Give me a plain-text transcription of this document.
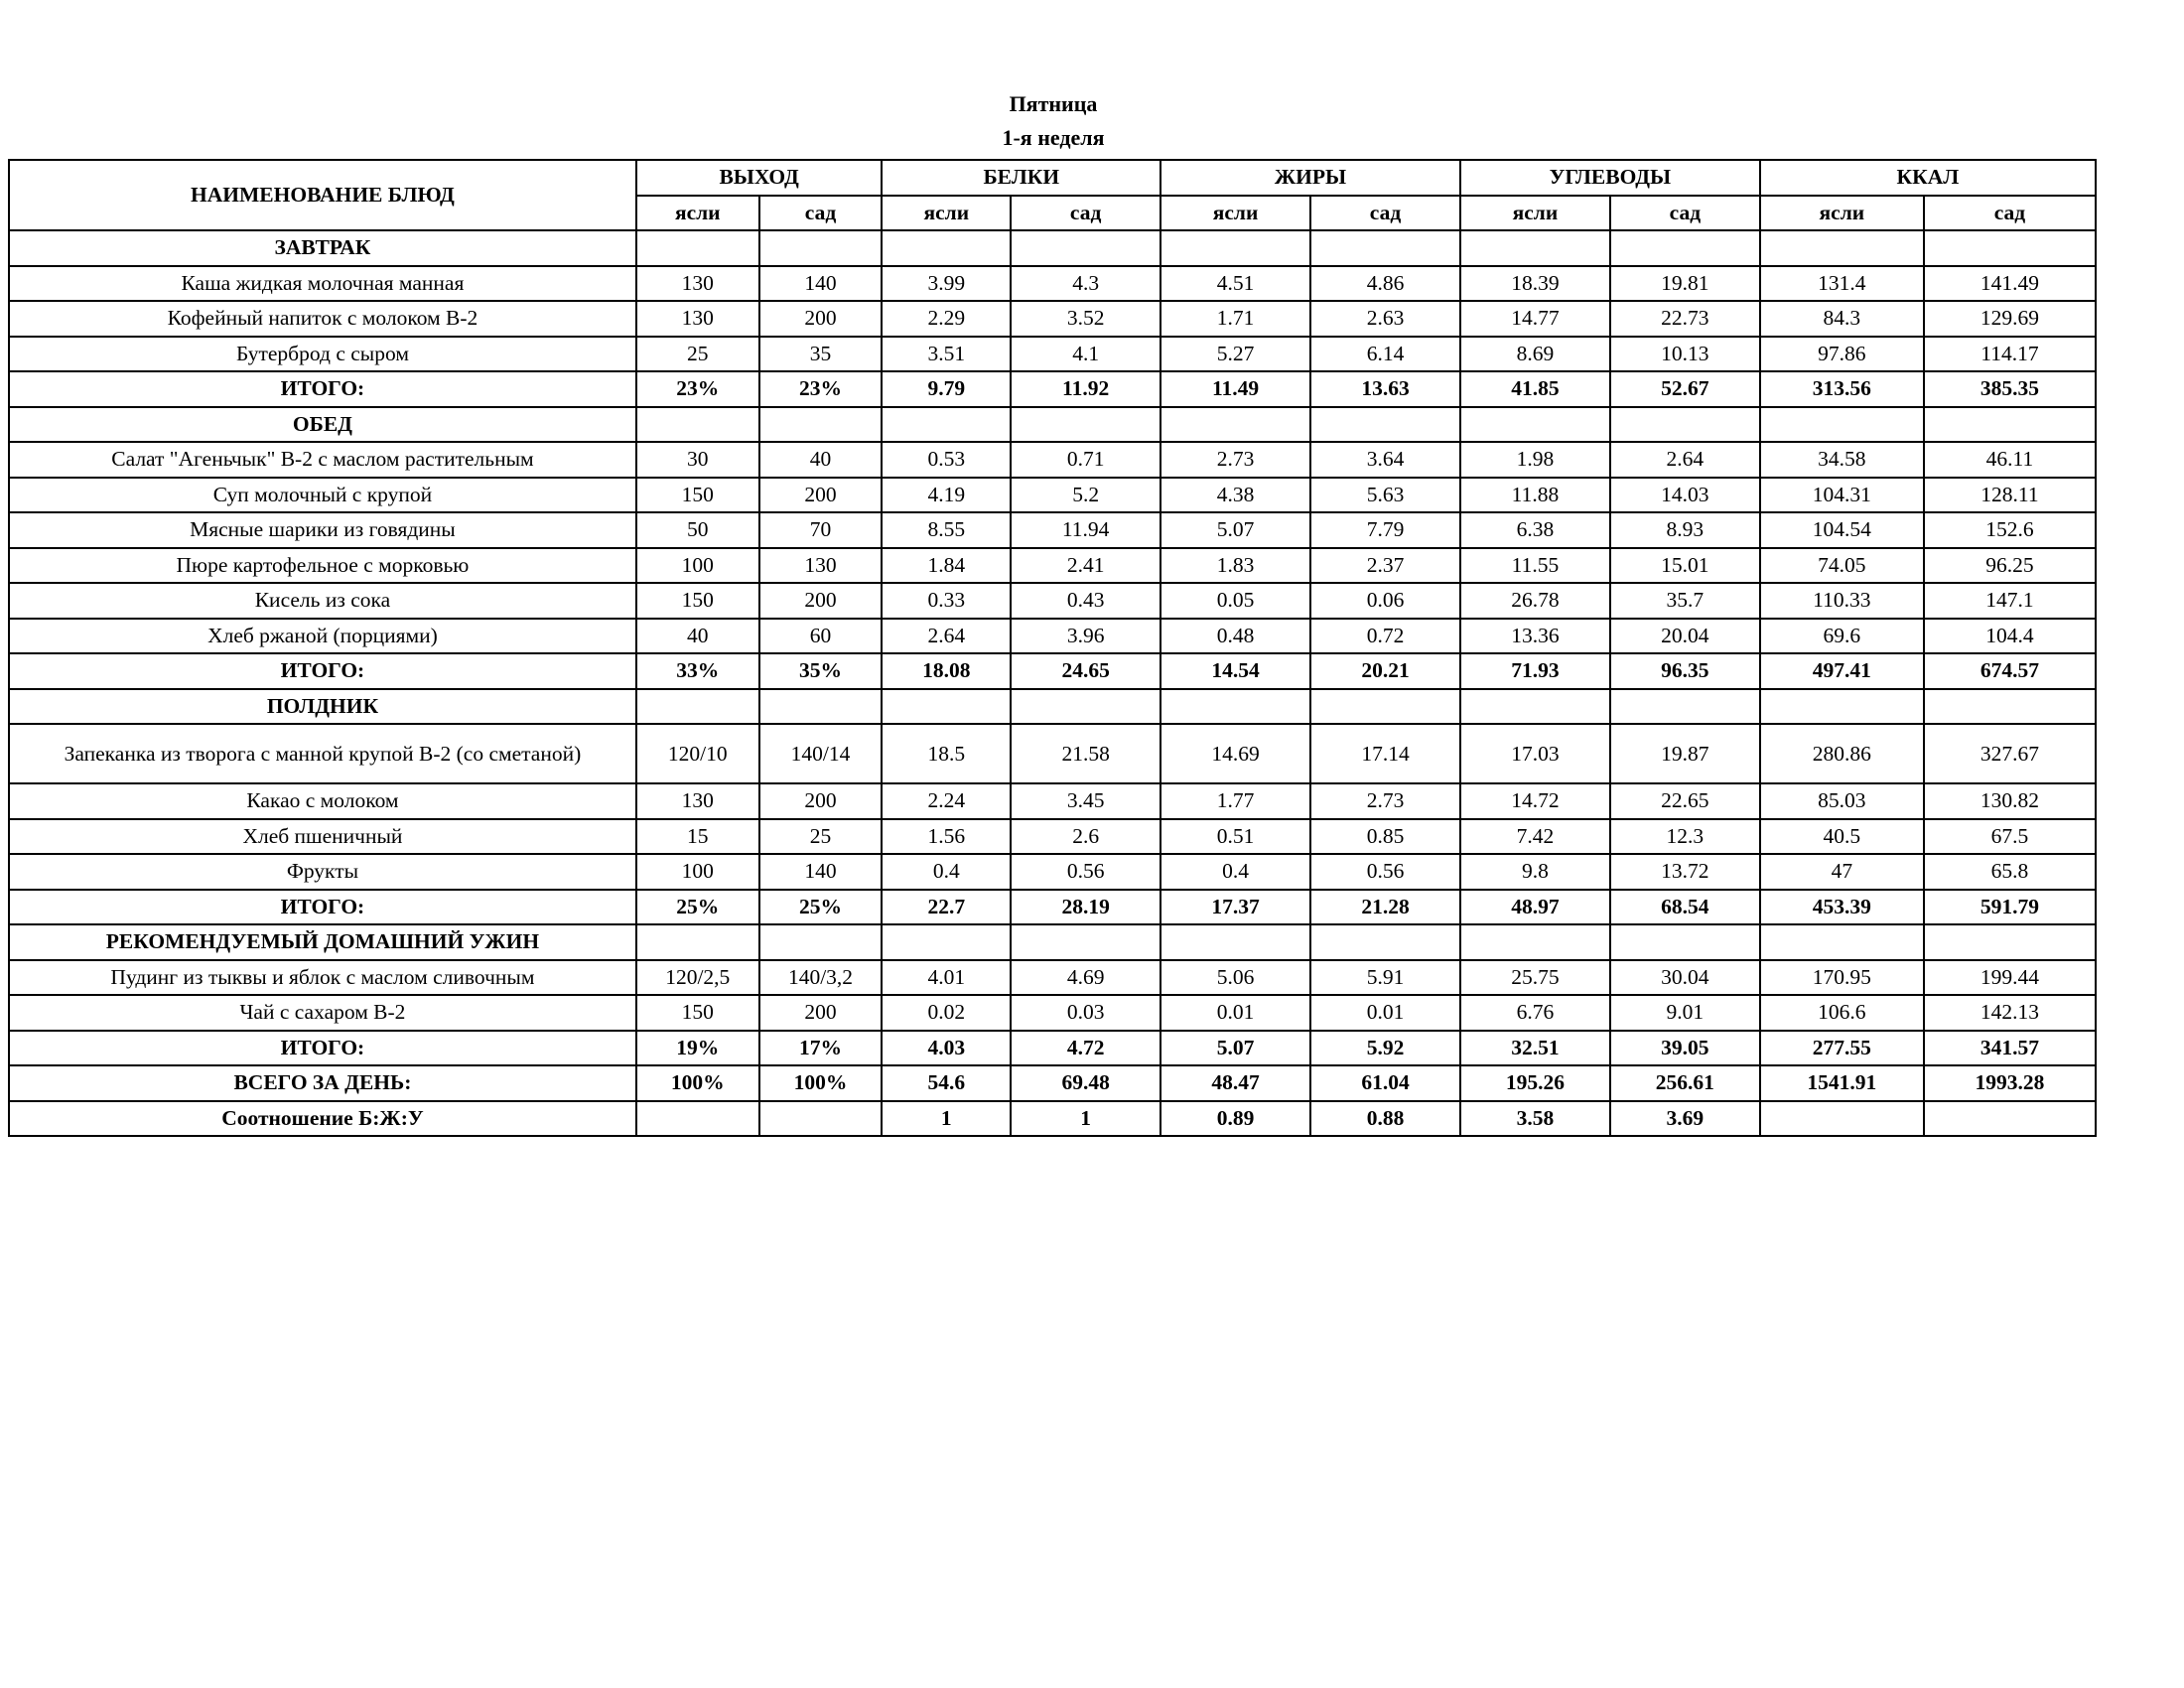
Пятница
1-я неделя
НАИМЕНОВАНИЕ БЛЮД	ВЫХОД		БЕЛКИ		ЖИРЫ		УГЛЕВОДЫ		ККАЛ	
	ясли	сад	ясли	сад	ясли	сад	ясли	сад	ясли	сад
ЗАВТРАК										
Каша жидкая молочная манная	130	140	3.99	4.3	4.51	4.86	18.39	19.81	131.4	141.49
Кофейный напиток с молоком В-2	130	200	2.29	3.52	1.71	2.63	14.77	22.73	84.3	129.69
Бутерброд с сыром	25	35	3.51	4.1	5.27	6.14	8.69	10.13	97.86	114.17
ИТОГО:	23%	23%	9.79	11.92	11.49	13.63	41.85	52.67	313.56	385.35
ОБЕД										
Салат "Агеньчык" В-2 с маслом растительным	30	40	0.53	0.71	2.73	3.64	1.98	2.64	34.58	46.11
Суп молочный с крупой	150	200	4.19	5.2	4.38	5.63	11.88	14.03	104.31	128.11
Мясные шарики из говядины	50	70	8.55	11.94	5.07	7.79	6.38	8.93	104.54	152.6
Пюре картофельное с морковью	100	130	1.84	2.41	1.83	2.37	11.55	15.01	74.05	96.25
Кисель из сока	150	200	0.33	0.43	0.05	0.06	26.78	35.7	110.33	147.1
Хлеб ржаной (порциями)	40	60	2.64	3.96	0.48	0.72	13.36	20.04	69.6	104.4
ИТОГО:	33%	35%	18.08	24.65	14.54	20.21	71.93	96.35	497.41	674.57
ПОЛДНИК										
Запеканка из творога с манной крупой В-2 (со сметаной)	120/10	140/14	18.5	21.58	14.69	17.14	17.03	19.87	280.86	327.67
Какао с молоком	130	200	2.24	3.45	1.77	2.73	14.72	22.65	85.03	130.82
Хлеб пшеничный	15	25	1.56	2.6	0.51	0.85	7.42	12.3	40.5	67.5
Фрукты	100	140	0.4	0.56	0.4	0.56	9.8	13.72	47	65.8
ИТОГО:	25%	25%	22.7	28.19	17.37	21.28	48.97	68.54	453.39	591.79
РЕКОМЕНДУЕМЫЙ ДОМАШНИЙ УЖИН										
Пудинг из тыквы и яблок с маслом сливочным	120/2,5	140/3,2	4.01	4.69	5.06	5.91	25.75	30.04	170.95	199.44
Чай с сахаром В-2	150	200	0.02	0.03	0.01	0.01	6.76	9.01	106.6	142.13
ИТОГО:	19%	17%	4.03	4.72	5.07	5.92	32.51	39.05	277.55	341.57
ВСЕГО ЗА ДЕНЬ:	100%	100%	54.6	69.48	48.47	61.04	195.26	256.61	1541.91	1993.28
Соотношение Б:Ж:У			1	1	0.89	0.88	3.58	3.69		
